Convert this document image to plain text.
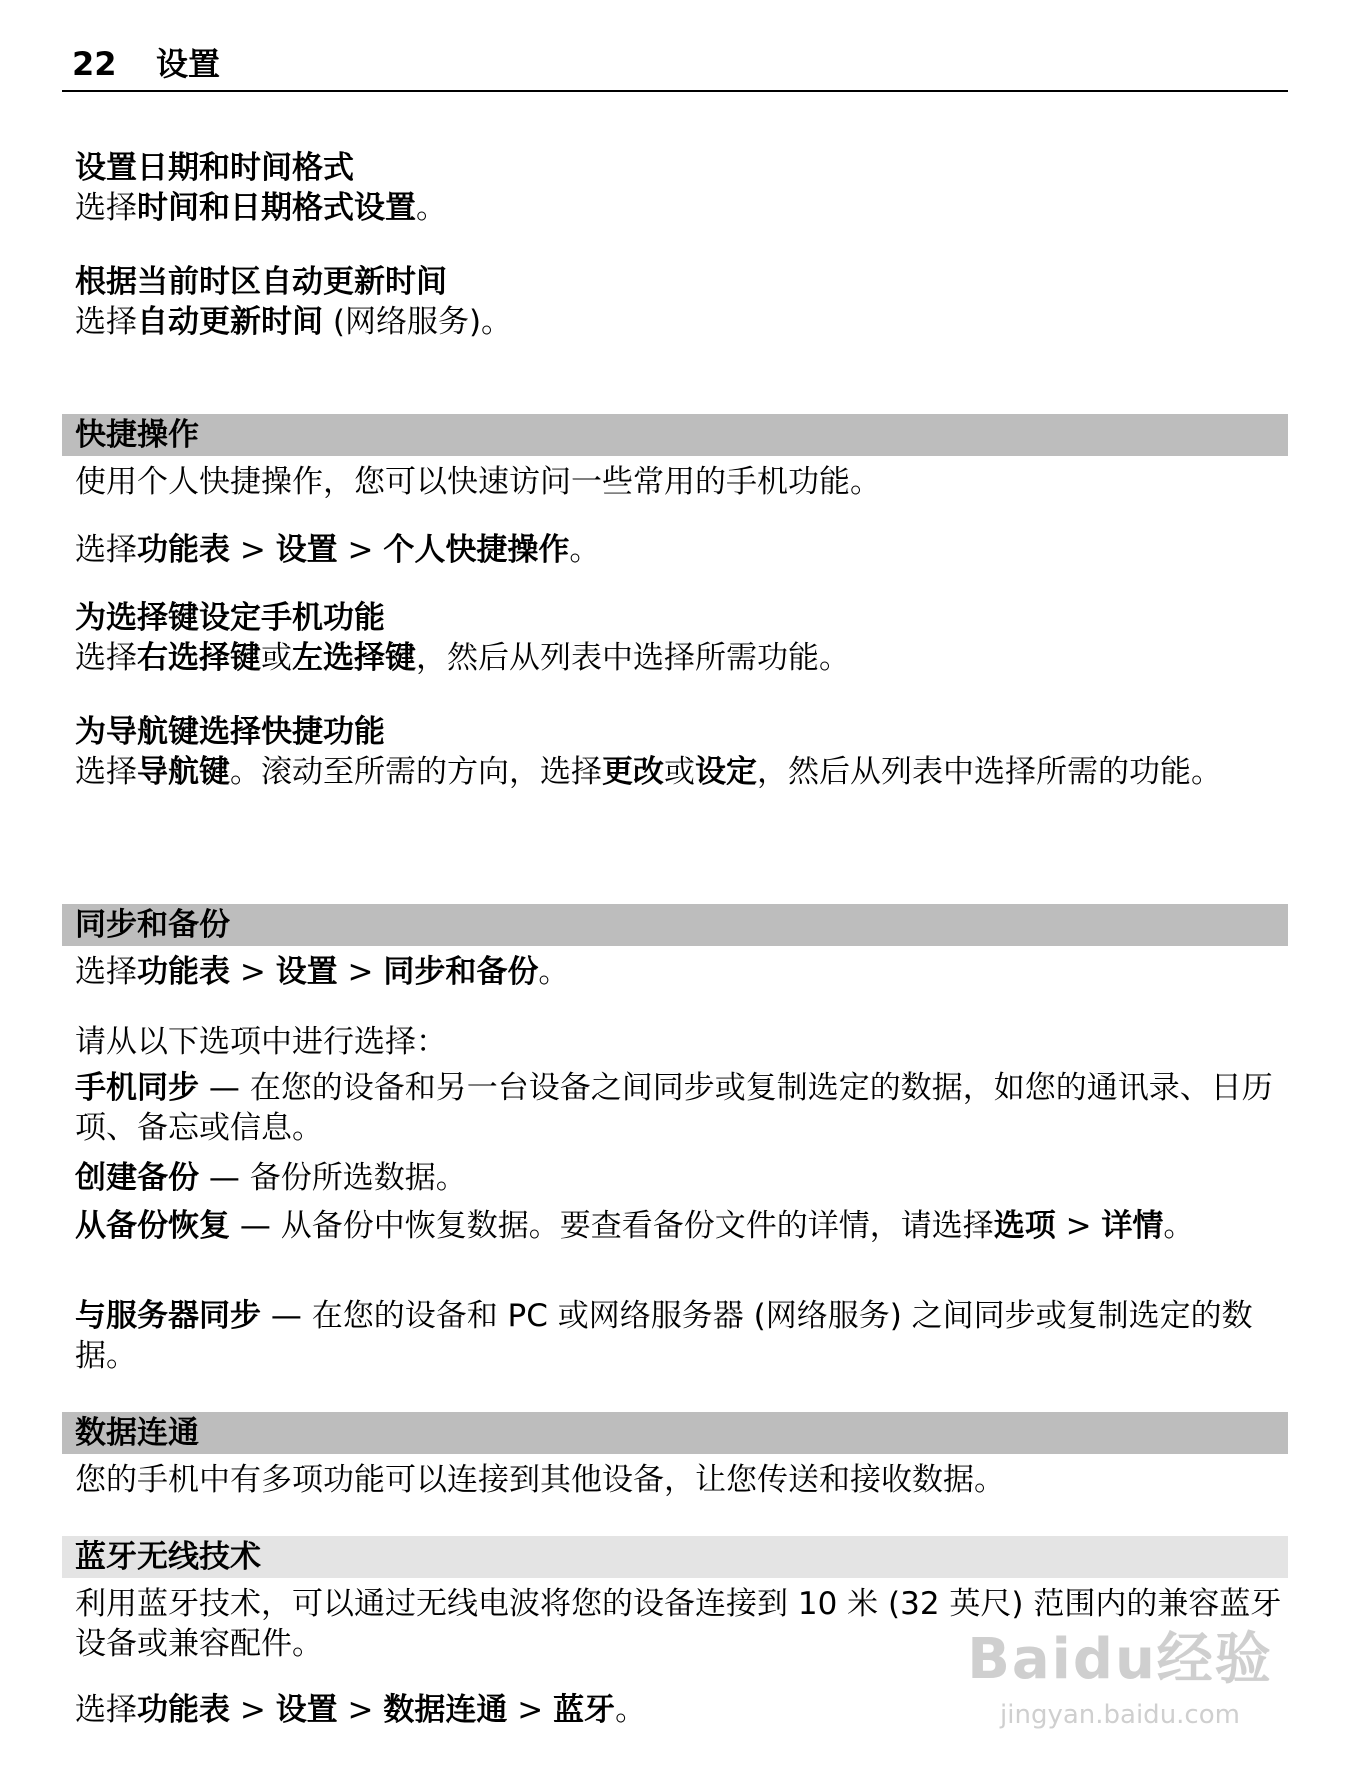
22 设置

设置日期和时间格式

选择时间和日期格式设置。

根据当前时区自动更新时间

选择自动更新时间 (网络服务)。

快捷操作

使用个人快捷操作，您可以快速访问一些常用的手机功能。

选择功能表 > 设置 > 个人快捷操作。

为选择键设定手机功能

选择右选择键或左选择键，然后从列表中选择所需功能。

为导航键选择快捷功能

选择导航键。滚动至所需的方向，选择更改或设定，然后从列表中选择所需的功能。

同步和备份

选择功能表 > 设置 > 同步和备份。

请从以下选项中进行选择：

手机同步 — 在您的设备和另一台设备之间同步或复制选定的数据，如您的通讯录、日历项、备忘或信息。

创建备份 — 备份所选数据。

从备份恢复 — 从备份中恢复数据。要查看备份文件的详情，请选择选项 > 详情。

与服务器同步 — 在您的设备和 PC 或网络服务器 (网络服务) 之间同步或复制选定的数据。

数据连通

您的手机中有多项功能可以连接到其他设备，让您传送和接收数据。

蓝牙无线技术

利用蓝牙技术，可以通过无线电波将您的设备连接到 10 米 (32 英尺) 范围内的兼容蓝牙设备或兼容配件。

选择功能表 > 设置 > 数据连通 > 蓝牙。

Baidu经验
jingyan.baidu.com
